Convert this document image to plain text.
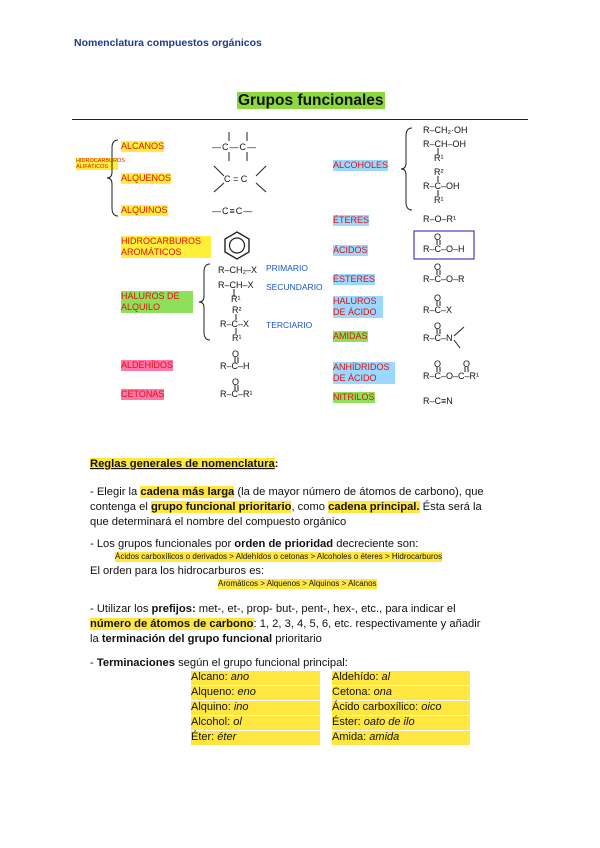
Nomenclatura compuestos orgánicos
Grupos funcionales
HIDROCARBUROS ALIFÁTICOS
ALCANOS
ALQUENOS
ALQUINOS
HIDROCARBUROS AROMÁTICOS
HALUROS DE ALQUILO
ALDEHÍDOS
CETONAS
—C—C—
C = C
—C≡C—
R–CH₂–X PRIMARIO
R–CH–X SECUNDARIO
R¹
R²
R–C–X TERCIARIO
R¹
O
R–C–H
O
R–C–R¹
ALCOHOLES
R–CH₂·OH
R–CH–OH
R¹
R²
R–C–OH
R¹
ÉTERES	R–O–R¹
ÁCIDOS
O
R–C–O–H
ÉSTERES
O
R–C–O–R
HALUROS DE ÁCIDO
O
R–C–X
AMIDAS
O
R–C–N
ANHÍDRIDOS DE ÁCIDO
O O
R–C–O–C–R¹
NITRILOS	R–C≡N
Reglas generales de nomenclatura:
- Elegir la cadena más larga (la de mayor número de átomos de carbono), que
contenga el grupo funcional prioritario, como cadena principal. Ésta será la
que determinará el nombre del compuesto orgánico
- Los grupos funcionales por orden de prioridad decreciente son:
Ácidos carboxílicos o derivados > Aldehídos o cetonas > Alcoholes o éteres > Hidrocarburos
El orden para los hidrocarburos es:
Aromáticos > Alquenos > Alquinos > Alcanos
- Utilizar los prefijos: met-, et-, prop- but-, pent-, hex-, etc., para indicar el
número de átomos de carbono: 1, 2, 3, 4, 5, 6, etc. respectivamente y añadir
la terminación del grupo funcional prioritario
- Terminaciones según el grupo funcional principal:
Alcano: ano
Alqueno: eno
Alquino: ino
Alcohol: ol
Éter: éter
Aldehído: al
Cetona: ona
Ácido carboxílico: oico
Éster: oato de ilo
Amida: amida
